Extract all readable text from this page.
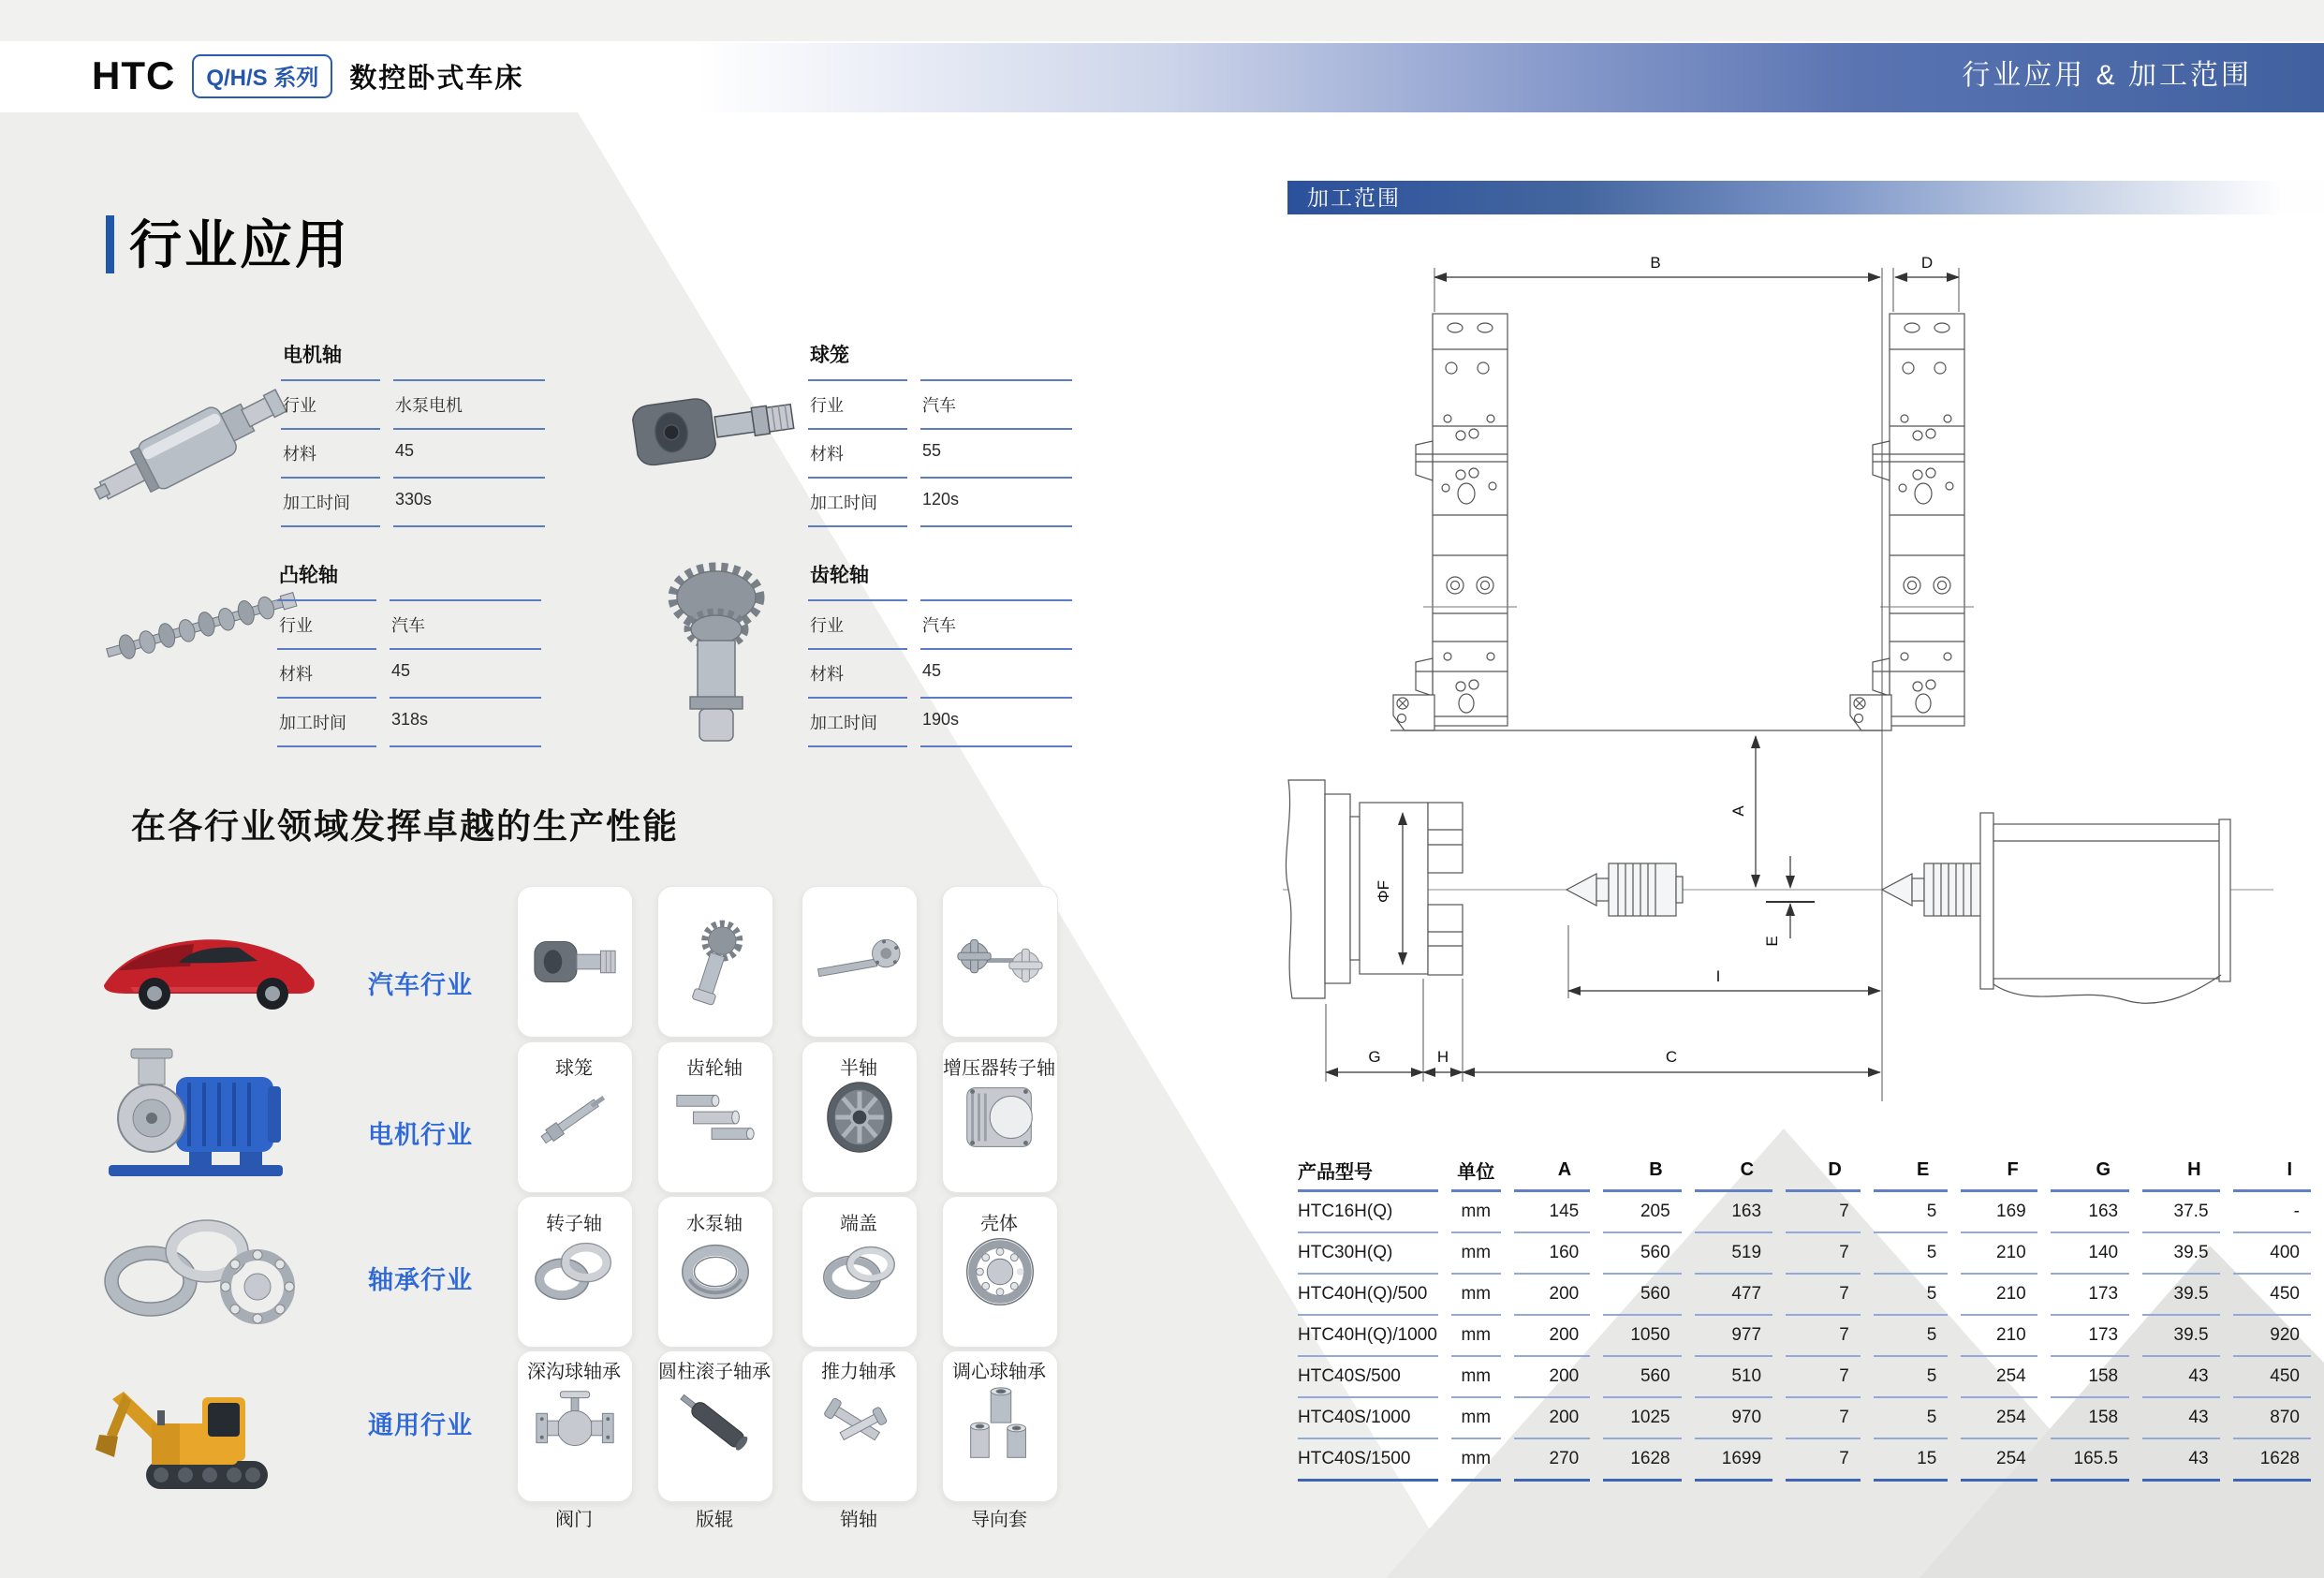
HTC	Q/H/S 系列	数控卧式车床	行业应用 & 加工范围
行业应用
电机轴
行业	水泵电机
材料	45
加工时间	330s
球笼
行业	汽车
材料	55
加工时间	120s
凸轮轴
行业	汽车
材料	45
加工时间	318s
齿轮轴
行业	汽车
材料	45
加工时间	190s
在各行业领域发挥卓越的生产性能
汽车行业
电机行业
轴承行业
通用行业
球笼	齿轮轴	半轴	增压器转子轴
转子轴	水泵轴	端盖	壳体
深沟球轴承	圆柱滚子轴承	推力轴承	调心球轴承
阀门	版辊	销轴	导向套
加工范围
B	D
ΦF
A
E
I
G	H	C
产品型号	单位	A	B	C	D	E	F	G	H	I
HTC16H(Q)	mm	145	205	163	7	5	169	163	37.5	-
HTC30H(Q)	mm	160	560	519	7	5	210	140	39.5	400
HTC40H(Q)/500	mm	200	560	477	7	5	210	173	39.5	450
HTC40H(Q)/1000	mm	200	1050	977	7	5	210	173	39.5	920
HTC40S/500	mm	200	560	510	7	5	254	158	43	450
HTC40S/1000	mm	200	1025	970	7	5	254	158	43	870
HTC40S/1500	mm	270	1628	1699	7	15	254	165.5	43	1628
